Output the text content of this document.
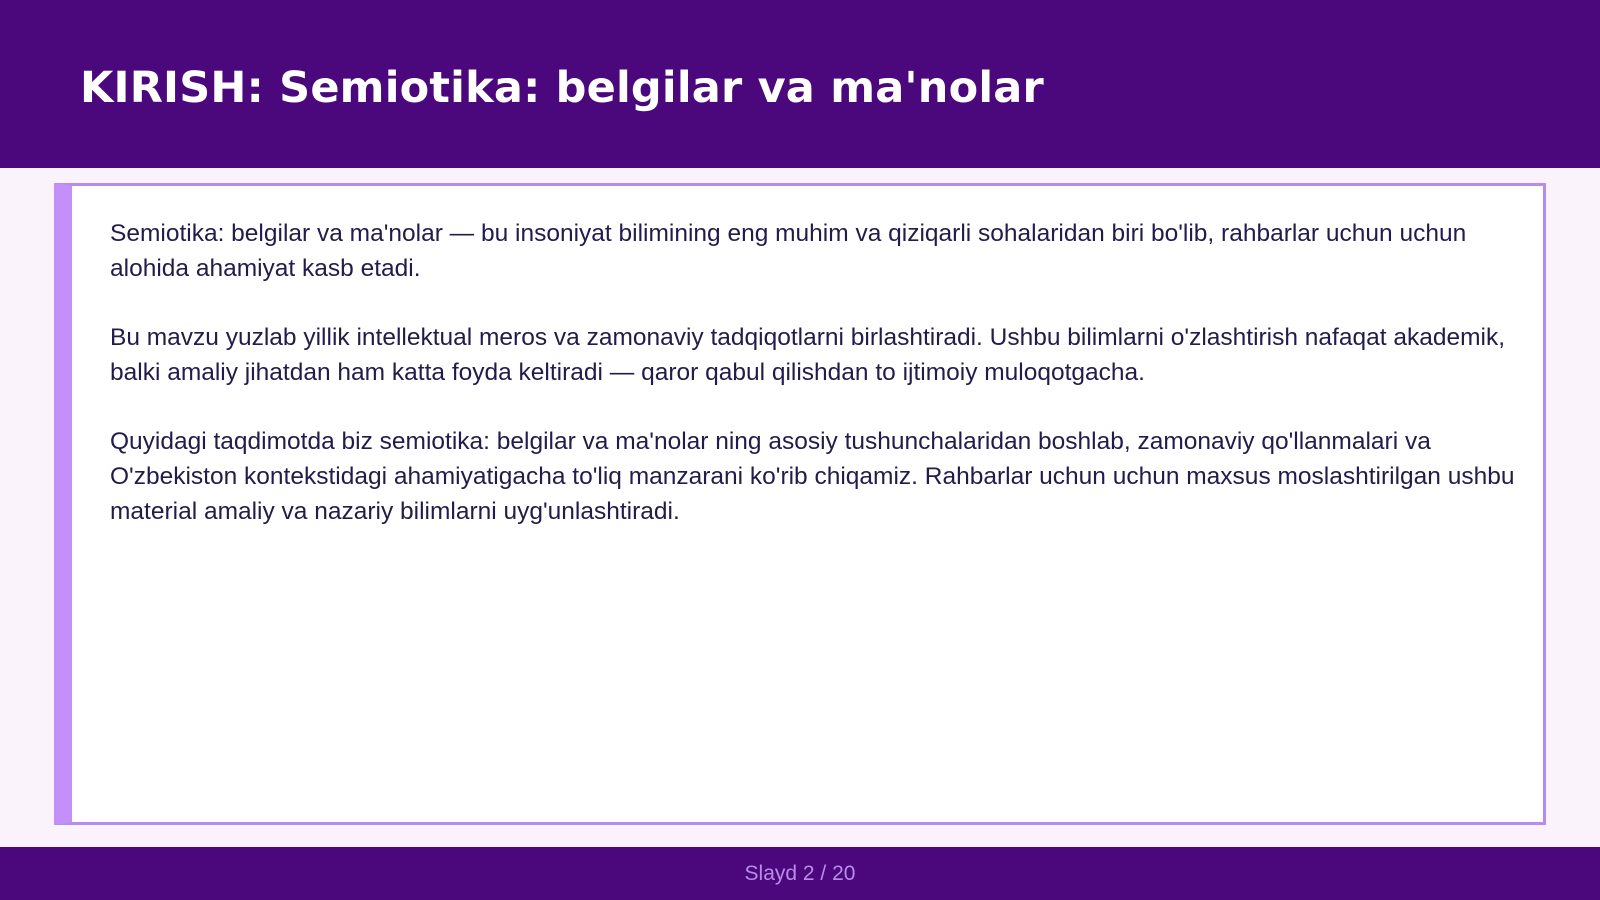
KIRISH: Semiotika: belgilar va ma'nolar

Semiotika: belgilar va ma'nolar — bu insoniyat bilimining eng muhim va qiziqarli sohalaridan biri bo'lib, rahbarlar uchun uchun alohida ahamiyat kasb etadi.

Bu mavzu yuzlab yillik intellektual meros va zamonaviy tadqiqotlarni birlashtiradi. Ushbu bilimlarni o'zlashtirish nafaqat akademik, balki amaliy jihatdan ham katta foyda keltiradi — qaror qabul qilishdan to ijtimoiy muloqotgacha.

Quyidagi taqdimotda biz semiotika: belgilar va ma'nolar ning asosiy tushunchalaridan boshlab, zamonaviy qo'llanmalari va O'zbekiston kontekstidagi ahamiyatigacha to'liq manzarani ko'rib chiqamiz. Rahbarlar uchun uchun maxsus moslashtirilgan ushbu material amaliy va nazariy bilimlarni uyg'unlashtiradi.

Slayd 2 / 20
